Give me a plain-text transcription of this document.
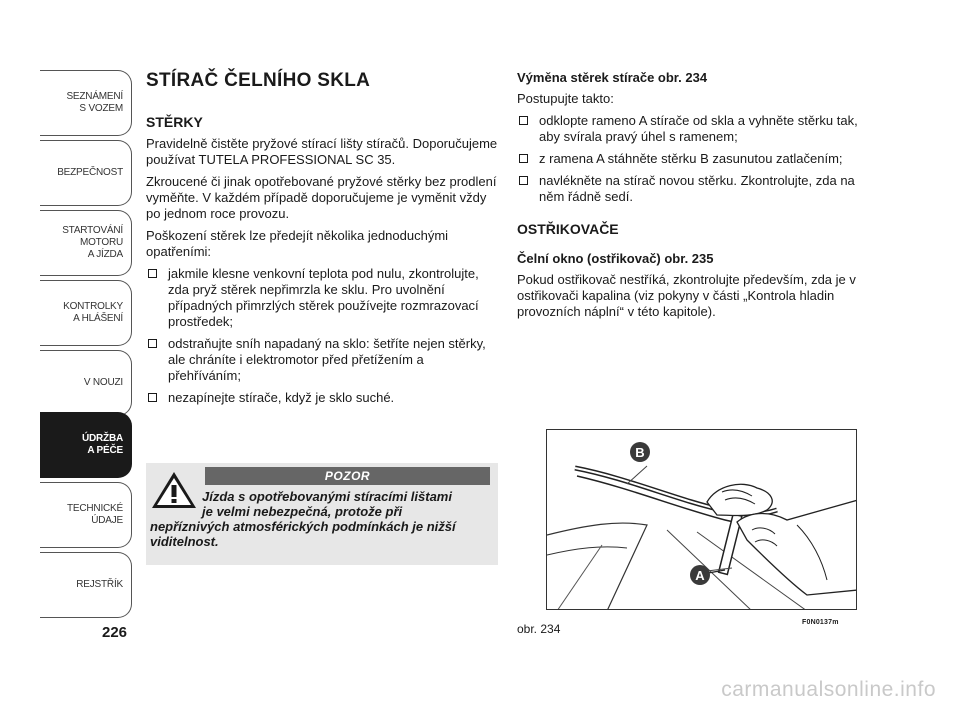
SEZNÁMENÍ
S VOZEM
BEZPEČNOST
STARTOVÁNÍ
MOTORU
A JÍZDA
KONTROLKY
A HLÁŠENÍ
V NOUZI
ÚDRŽBA
A PÉČE
TECHNICKÉ
ÚDAJE
REJSTŘÍK
226
STÍRAČ ČELNÍHO SKLA
STĚRKY

Pravidelně čistěte pryžové stírací lišty stíračů. Doporučujeme používat TUTELA PROFESSIONAL SC 35.

Zkroucené či jinak opotřebované pryžové stěrky bez prodlení vyměňte. V každém případě doporučujeme je vyměnit vždy po jednom roce provozu.

Poškození stěrek lze předejít několika jednoduchými opatřeními:

jakmile klesne venkovní teplota pod nulu, zkontrolujte, zda pryž stěrek nepřimrzla ke sklu. Pro uvolnění případných přimrzlých stěrek používejte rozmrazovací prostředek;
odstraňujte sníh napadaný na sklo: šetříte nejen stěrky, ale chráníte i elektromotor před přetížením a přehříváním;
nezapínejte stírače, když je sklo suché.
POZOR
Jízda s opotřebovanými stíracími lištami
je velmi nebezpečná, protože při
nepříznivých atmosférických podmínkách je nižší viditelnost.
Výměna stěrek stírače obr. 234

Postupujte takto:

odklopte rameno A stírače od skla a vyhněte stěrku tak, aby svírala pravý úhel s ramenem;
z ramena A stáhněte stěrku B zasunutou zatlačením;
navlékněte na stírač novou stěrku. Zkontrolujte, zda na něm řádně sedí.
OSTŘIKOVAČE
Čelní okno (ostřikovač) obr. 235

Pokud ostřikovač nestříká, zkontrolujte především, zda je v ostřikovači kapalina (viz pokyny v části „Kontrola hladin provozních náplní“ v této kapitole).

B
A
obr. 234	F0N0137m
carmanualsonline.info
